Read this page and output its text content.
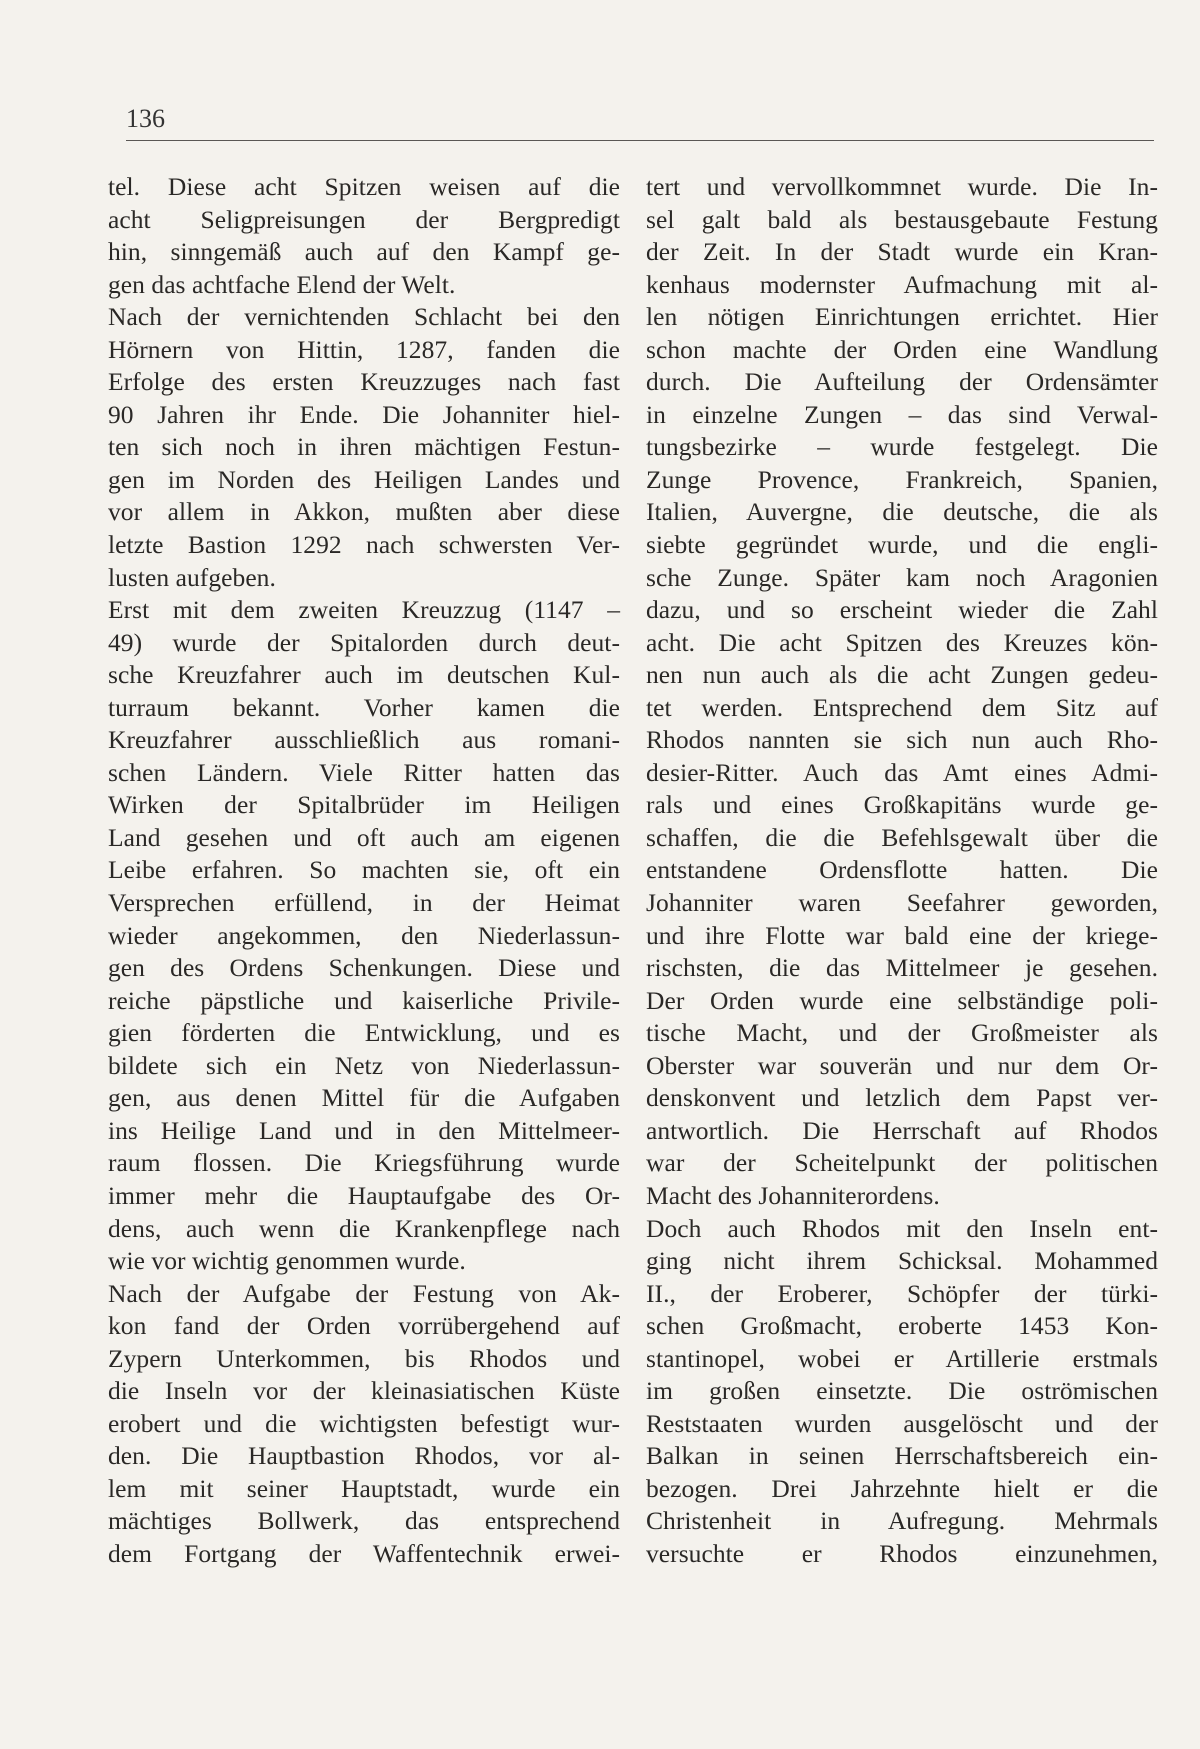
136

tel. Diese acht Spitzen weisen auf die
acht Seligpreisungen der Bergpredigt
hin, sinngemäß auch auf den Kampf ge-
gen das achtfache Elend der Welt.

Nach der vernichtenden Schlacht bei den
Hörnern von Hittin, 1287, fanden die
Erfolge des ersten Kreuzzuges nach fast
90 Jahren ihr Ende. Die Johanniter hiel-
ten sich noch in ihren mächtigen Festun-
gen im Norden des Heiligen Landes und
vor allem in Akkon, mußten aber diese
letzte Bastion 1292 nach schwersten Ver-
lusten aufgeben.

Erst mit dem zweiten Kreuzzug (1147 –
49) wurde der Spitalorden durch deut-
sche Kreuzfahrer auch im deutschen Kul-
turraum bekannt. Vorher kamen die
Kreuzfahrer ausschließlich aus romani-
schen Ländern. Viele Ritter hatten das
Wirken der Spitalbrüder im Heiligen
Land gesehen und oft auch am eigenen
Leibe erfahren. So machten sie, oft ein
Versprechen erfüllend, in der Heimat
wieder angekommen, den Niederlassun-
gen des Ordens Schenkungen. Diese und
reiche päpstliche und kaiserliche Privile-
gien förderten die Entwicklung, und es
bildete sich ein Netz von Niederlassun-
gen, aus denen Mittel für die Aufgaben
ins Heilige Land und in den Mittelmeer-
raum flossen. Die Kriegsführung wurde
immer mehr die Hauptaufgabe des Or-
dens, auch wenn die Krankenpflege nach
wie vor wichtig genommen wurde.

Nach der Aufgabe der Festung von Ak-
kon fand der Orden vorrübergehend auf
Zypern Unterkommen, bis Rhodos und
die Inseln vor der kleinasiatischen Küste
erobert und die wichtigsten befestigt wur-
den. Die Hauptbastion Rhodos, vor al-
lem mit seiner Hauptstadt, wurde ein
mächtiges Bollwerk, das entsprechend
dem Fortgang der Waffentechnik erwei-

tert und vervollkommnet wurde. Die In-
sel galt bald als bestausgebaute Festung
der Zeit. In der Stadt wurde ein Kran-
kenhaus modernster Aufmachung mit al-
len nötigen Einrichtungen errichtet. Hier
schon machte der Orden eine Wandlung
durch. Die Aufteilung der Ordensämter
in einzelne Zungen – das sind Verwal-
tungsbezirke – wurde festgelegt. Die
Zunge Provence, Frankreich, Spanien,
Italien, Auvergne, die deutsche, die als
siebte gegründet wurde, und die engli-
sche Zunge. Später kam noch Aragonien
dazu, und so erscheint wieder die Zahl
acht. Die acht Spitzen des Kreuzes kön-
nen nun auch als die acht Zungen gedeu-
tet werden. Entsprechend dem Sitz auf
Rhodos nannten sie sich nun auch Rho-
desier-Ritter. Auch das Amt eines Admi-
rals und eines Großkapitäns wurde ge-
schaffen, die die Befehlsgewalt über die
entstandene Ordensflotte hatten. Die
Johanniter waren Seefahrer geworden,
und ihre Flotte war bald eine der kriege-
rischsten, die das Mittelmeer je gesehen.
Der Orden wurde eine selbständige poli-
tische Macht, und der Großmeister als
Oberster war souverän und nur dem Or-
denskonvent und letzlich dem Papst ver-
antwortlich. Die Herrschaft auf Rhodos
war der Scheitelpunkt der politischen
Macht des Johanniterordens.

Doch auch Rhodos mit den Inseln ent-
ging nicht ihrem Schicksal. Mohammed
II., der Eroberer, Schöpfer der türki-
schen Großmacht, eroberte 1453 Kon-
stantinopel, wobei er Artillerie erstmals
im großen einsetzte. Die oströmischen
Reststaaten wurden ausgelöscht und der
Balkan in seinen Herrschaftsbereich ein-
bezogen. Drei Jahrzehnte hielt er die
Christenheit in Aufregung. Mehrmals
versuchte er Rhodos einzunehmen,
